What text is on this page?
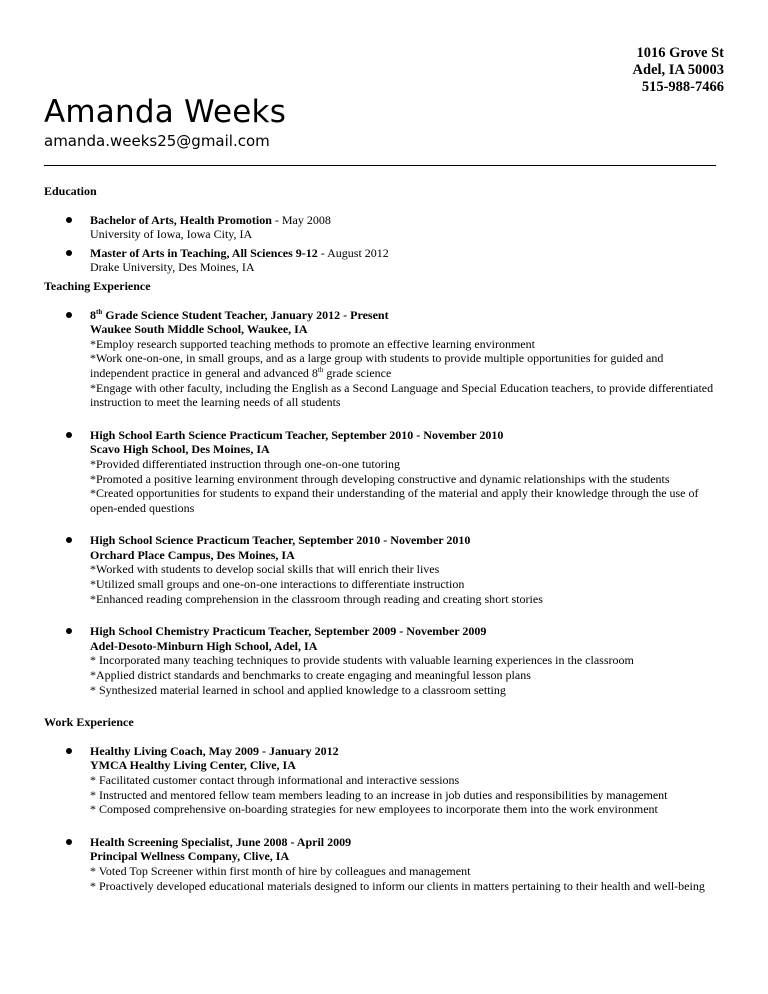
1016 Grove St
Adel, IA 50003
515-988-7466
Amanda Weeks
amanda.weeks25@gmail.com
Education
Bachelor of Arts, Health Promotion - May 2008
University of Iowa, Iowa City, IA
Master of Arts in Teaching, All Sciences 9-12 - August 2012
Drake University, Des Moines, IA
Teaching Experience
8th Grade Science Student Teacher, January 2012 - Present
Waukee South Middle School, Waukee, IA
*Employ research supported teaching methods to promote an effective learning environment
*Work one-on-one, in small groups, and as a large group with students to provide multiple opportunities for guided and independent practice in general and advanced 8th grade science
*Engage with other faculty, including the English as a Second Language and Special Education teachers, to provide differentiated instruction to meet the learning needs of all students
High School Earth Science Practicum Teacher, September 2010 - November 2010
Scavo High School, Des Moines, IA
*Provided differentiated instruction through one-on-one tutoring
*Promoted a positive learning environment through developing constructive and dynamic relationships with the students
*Created opportunities for students to expand their understanding of the material and apply their knowledge through the use of open-ended questions
High School Science Practicum Teacher, September 2010 - November 2010
Orchard Place Campus, Des Moines, IA
*Worked with students to develop social skills that will enrich their lives
*Utilized small groups and one-on-one interactions to differentiate instruction
*Enhanced reading comprehension in the classroom through reading and creating short stories
High School Chemistry Practicum Teacher, September 2009 - November 2009
Adel-Desoto-Minburn High School, Adel, IA
* Incorporated many teaching techniques to provide students with valuable learning experiences in the classroom
*Applied district standards and benchmarks to create engaging and meaningful lesson plans
* Synthesized material learned in school and applied knowledge to a classroom setting
Work Experience
Healthy Living Coach, May 2009 - January 2012
YMCA Healthy Living Center, Clive, IA
* Facilitated customer contact through informational and interactive sessions
* Instructed and mentored fellow team members leading to an increase in job duties and responsibilities by management
* Composed comprehensive on-boarding strategies for new employees to incorporate them into the work environment
Health Screening Specialist, June 2008 - April 2009
Principal Wellness Company, Clive, IA
* Voted Top Screener within first month of hire by colleagues and management
* Proactively developed educational materials designed to inform our clients in matters pertaining to their health and well-being
